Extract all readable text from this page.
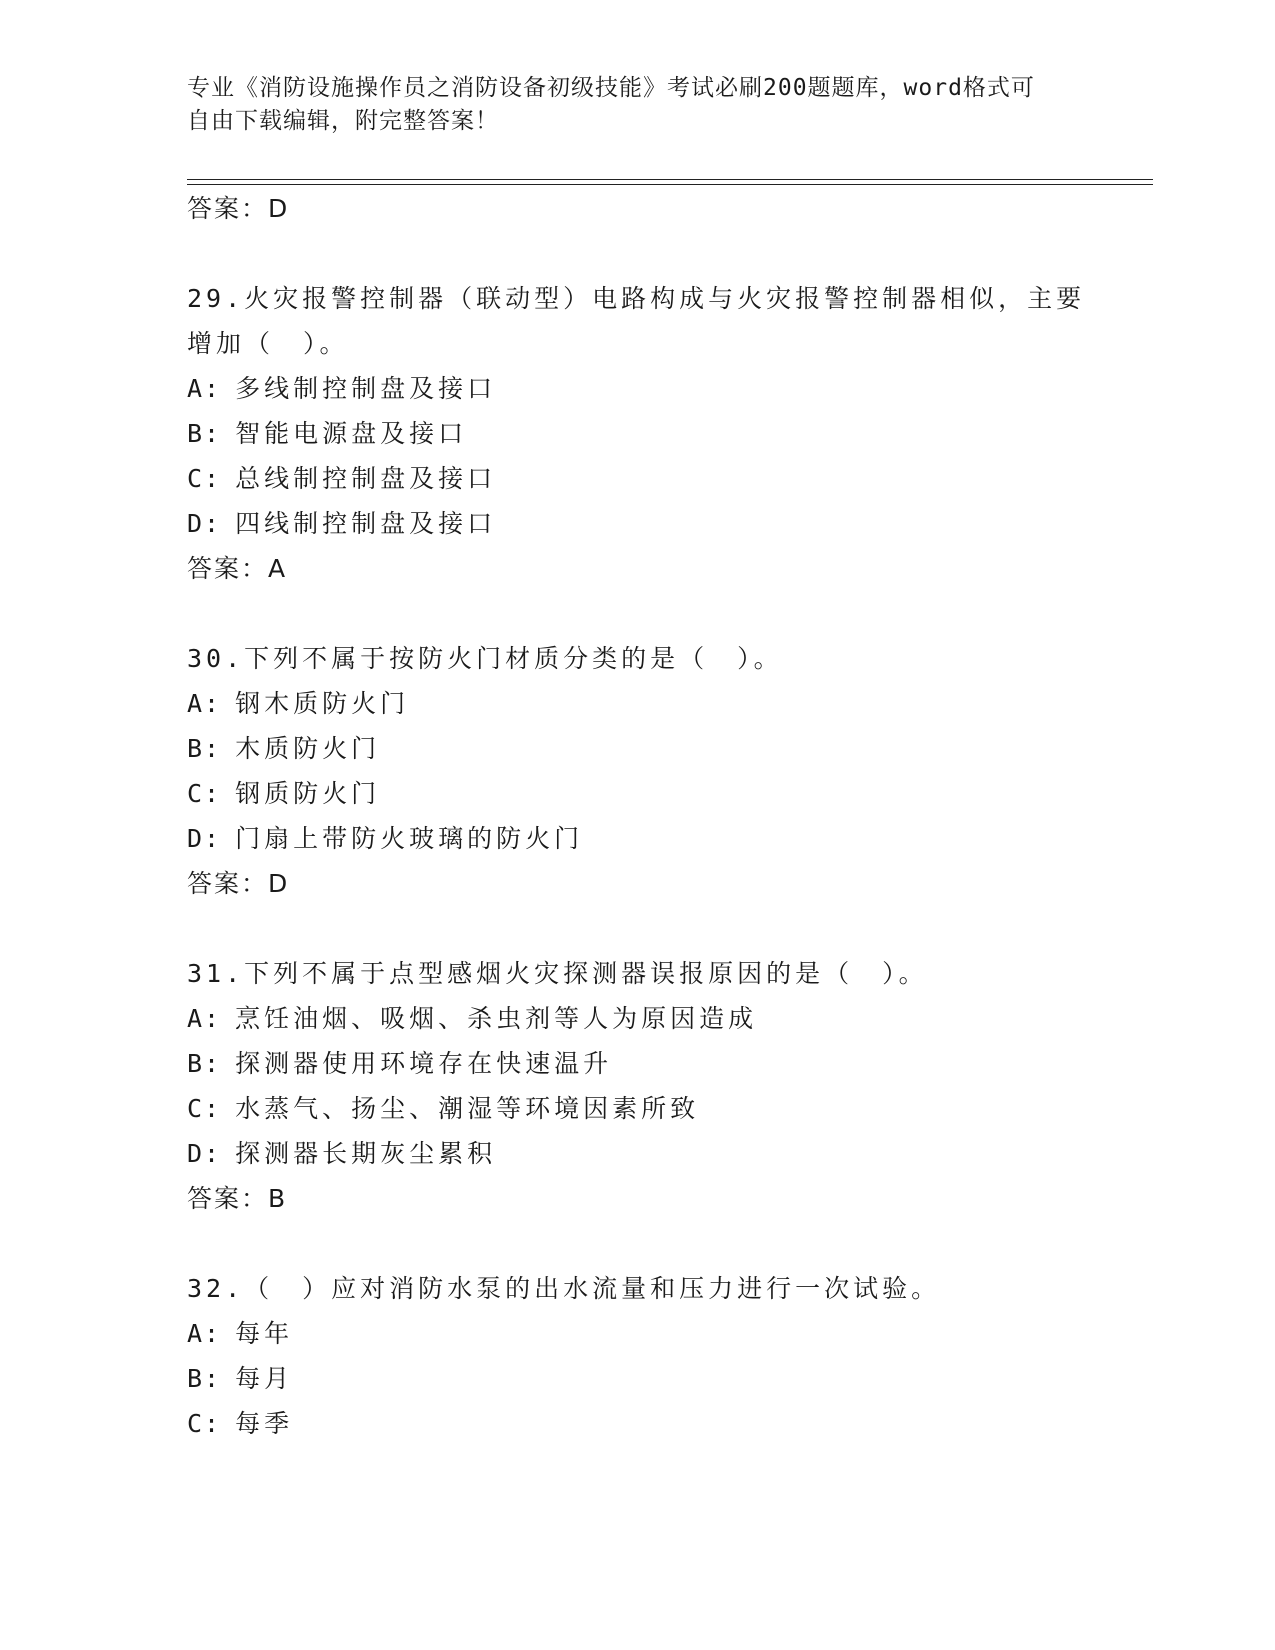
专业《消防设施操作员之消防设备初级技能》考试必刷200题题库，word格式可
自由下载编辑，附完整答案！
答案：D
29.火灾报警控制器（联动型）电路构成与火灾报警控制器相似，主要
增加（　）。
A: 多线制控制盘及接口
B: 智能电源盘及接口
C: 总线制控制盘及接口
D: 四线制控制盘及接口
答案：A
30.下列不属于按防火门材质分类的是（　）。
A: 钢木质防火门
B: 木质防火门
C: 钢质防火门
D: 门扇上带防火玻璃的防火门
答案：D
31.下列不属于点型感烟火灾探测器误报原因的是（　）。
A: 烹饪油烟、吸烟、杀虫剂等人为原因造成
B: 探测器使用环境存在快速温升
C: 水蒸气、扬尘、潮湿等环境因素所致
D: 探测器长期灰尘累积
答案：B
32.（　）应对消防水泵的出水流量和压力进行一次试验。
A: 每年
B: 每月
C: 每季
